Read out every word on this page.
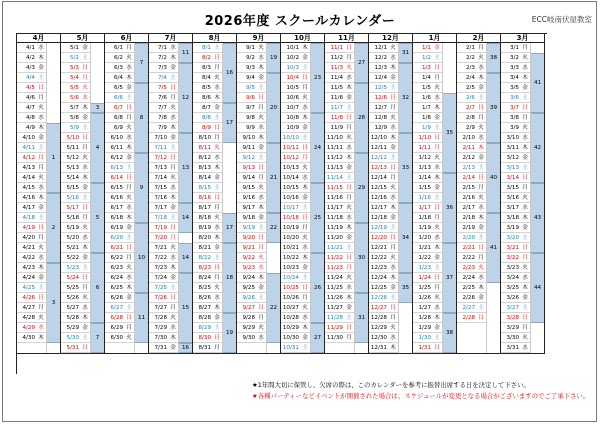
2026年度 スクールカレンダー	ECC岐南伏屋教室
4月
4/1 水
4/2 木
4/3 金
4/4 土
4/5 日
4/6 月
4/7 火
4/8 水
4/9 木
4/10 金
4/11 土
4/12 日
4/13 月
4/14 火
4/15 水
4/16 木
4/17 金
4/18 土
4/19 日
4/20 月
4/21 火
4/22 水
4/23 木
4/24 金
4/25 土
4/26 日
4/27 月
4/28 火
4/29 水
4/30 木
1
2
3
5月
5/1 金
5/2 土
5/3 日
5/4 月
5/5 火
5/6 水
5/7 木
5/8 金
5/9 土
5/10 日
5/11 月
5/12 火
5/13 水
5/14 木
5/15 金
5/16 土
5/17 日
5/18 月
5/19 火
5/20 水
5/21 木
5/22 金
5/23 土
5/24 日
5/25 月
5/26 火
5/27 水
5/28 木
5/29 金
5/30 土
5/31 日
3
4
5
6
7
6月
6/1 月
6/2 火
6/3 水
6/4 木
6/5 金
6/6 土
6/7 日
6/8 月
6/9 火
6/10 水
6/11 木
6/12 金
6/13 土
6/14 日
6/15 月
6/16 火
6/17 水
6/18 木
6/19 金
6/20 土
6/21 日
6/22 月
6/23 火
6/24 水
6/25 木
6/26 金
6/27 土
6/28 日
6/29 月
6/30 火
7
8
9
10
11
7月
7/1 水
7/2 木
7/3 金
7/4 土
7/5 日
7/6 月
7/7 火
7/8 水
7/9 木
7/10 金
7/11 土
7/12 日
7/13 月
7/14 火
7/15 水
7/16 木
7/17 金
7/18 土
7/19 日
7/20 月
7/21 火
7/22 水
7/23 木
7/24 金
7/25 土
7/26 日
7/27 月
7/28 火
7/29 水
7/30 木
7/31 金
11
12
13
14
14
15
16
8月
8/1 土
8/2 日
8/3 月
8/4 火
8/5 水
8/6 木
8/7 金
8/8 土
8/9 日
8/10 月
8/11 火
8/12 水
8/13 木
8/14 金
8/15 土
8/16 日
8/17 月
8/18 火
8/19 水
8/20 木
8/21 金
8/22 土
8/23 日
8/24 月
8/25 火
8/26 水
8/27 木
8/28 金
8/29 土
8/30 日
8/31 月
16
17
17
18
19
9月
9/1 火
9/2 水
9/3 木
9/4 金
9/5 土
9/6 日
9/7 月
9/8 火
9/9 水
9/10 木
9/11 金
9/12 土
9/13 日
9/14 月
9/15 火
9/16 水
9/17 木
9/18 金
9/19 土
9/20 日
9/21 月
9/22 火
9/23 水
9/24 木
9/25 金
9/26 土
9/27 日
9/28 月
9/29 火
9/30 水
19
20
21
22
22
10月
10/1 木
10/2 金
10/3 土
10/4 日
10/5 月
10/6 火
10/7 水
10/8 木
10/9 金
10/10 土
10/11 日
10/12 月
10/13 火
10/14 水
10/15 木
10/16 金
10/17 土
10/18 日
10/19 月
10/20 火
10/21 水
10/22 木
10/23 金
10/24 土
10/25 日
10/26 月
10/27 火
10/28 水
10/29 木
10/30 金
10/31 土
23
24
25
26
27
11月
11/1 日
11/2 月
11/3 火
11/4 水
11/5 木
11/6 金
11/7 土
11/8 日
11/9 月
11/10 火
11/11 水
11/12 木
11/13 金
11/14 土
11/15 日
11/16 月
11/17 火
11/18 水
11/19 木
11/20 金
11/21 土
11/22 日
11/23 月
11/24 火
11/25 水
11/26 木
11/27 金
11/28 土
11/29 日
11/30 月
27
28
29
30
31
12月
12/1 火
12/2 水
12/3 木
12/4 金
12/5 土
12/6 日
12/7 月
12/8 火
12/9 水
12/10 木
12/11 金
12/12 土
12/13 日
12/14 月
12/15 火
12/16 水
12/17 木
12/18 金
12/19 土
12/20 日
12/21 月
12/22 火
12/23 水
12/24 木
12/25 金
12/26 土
12/27 日
12/28 月
12/29 火
12/30 水
12/31 木
31
32
33
34
35
1月
1/1 金
1/2 土
1/3 日
1/4 月
1/5 火
1/6 水
1/7 木
1/8 金
1/9 土
1/10 日
1/11 月
1/12 火
1/13 水
1/14 木
1/15 金
1/16 土
1/17 日
1/18 月
1/19 火
1/20 水
1/21 木
1/22 金
1/23 土
1/24 日
1/25 月
1/26 火
1/27 水
1/28 木
1/29 金
1/30 土
1/31 日
35
36
37
38
2月
2/1 月
2/2 火
2/3 水
2/4 木
2/5 金
2/6 土
2/7 日
2/8 月
2/9 火
2/10 水
2/11 木
2/12 金
2/13 土
2/14 日
2/15 月
2/16 火
2/17 水
2/18 木
2/19 金
2/20 土
2/21 日
2/22 月
2/23 火
2/24 水
2/25 木
2/26 金
2/27 土
2/28 日
38
39
40
41
3月
3/1 月
3/2 火
3/3 水
3/4 木
3/5 金
3/6 土
3/7 日
3/8 月
3/9 火
3/10 水
3/11 木
3/12 金
3/13 土
3/14 日
3/15 月
3/16 火
3/17 水
3/18 木
3/19 金
3/20 土
3/21 日
3/22 月
3/23 火
3/24 水
3/25 木
3/26 金
3/27 土
3/28 日
3/29 月
3/30 火
3/31 水
41
42
43
44
★1年間大切に保管し、欠席の際は、このカレンダーを参考に振替出席する日を決定して下さい。
★各種パーティーなどイベントが開催された場合は、スケジュールが変更となる場合がございますのでご了承下さい。
